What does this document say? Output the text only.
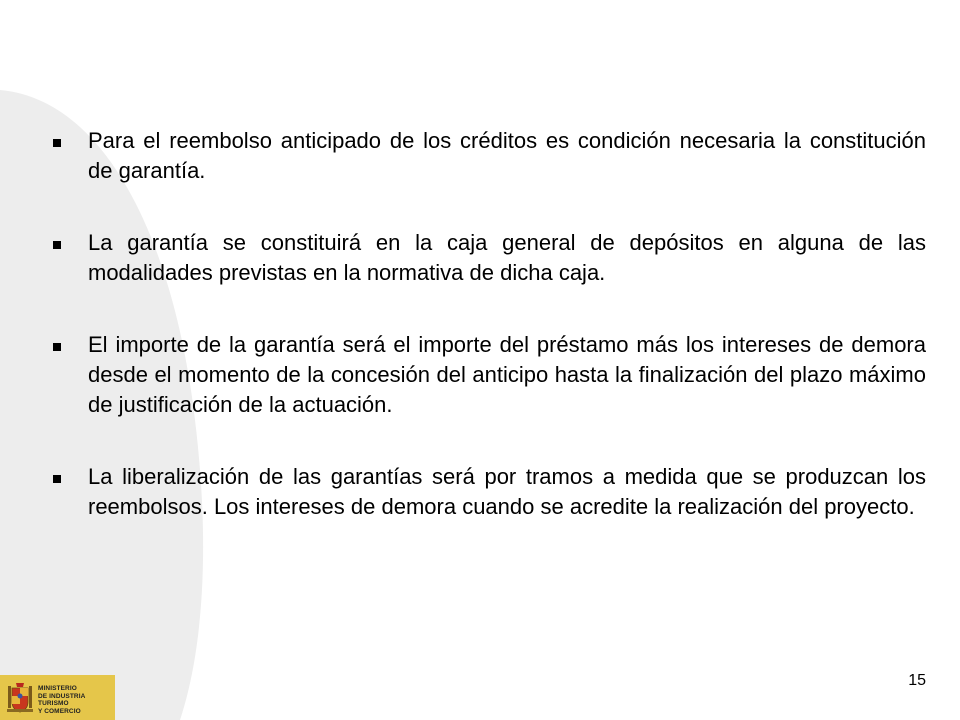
Para el reembolso anticipado de los créditos es condición necesaria la constitución de garantía.
La garantía se constituirá en la caja general de depósitos en alguna de las modalidades previstas en la normativa de dicha caja.
El importe de la garantía será el importe del préstamo más los intereses de demora desde el momento de la concesión del anticipo hasta la finalización del plazo máximo de justificación de la actuación.
La liberalización de las garantías será por tramos a medida que se produzcan los reembolsos. Los intereses de demora cuando se acredite la realización del proyecto.
15
MINISTERIO
DE INDUSTRIA TURISMO
Y COMERCIO
